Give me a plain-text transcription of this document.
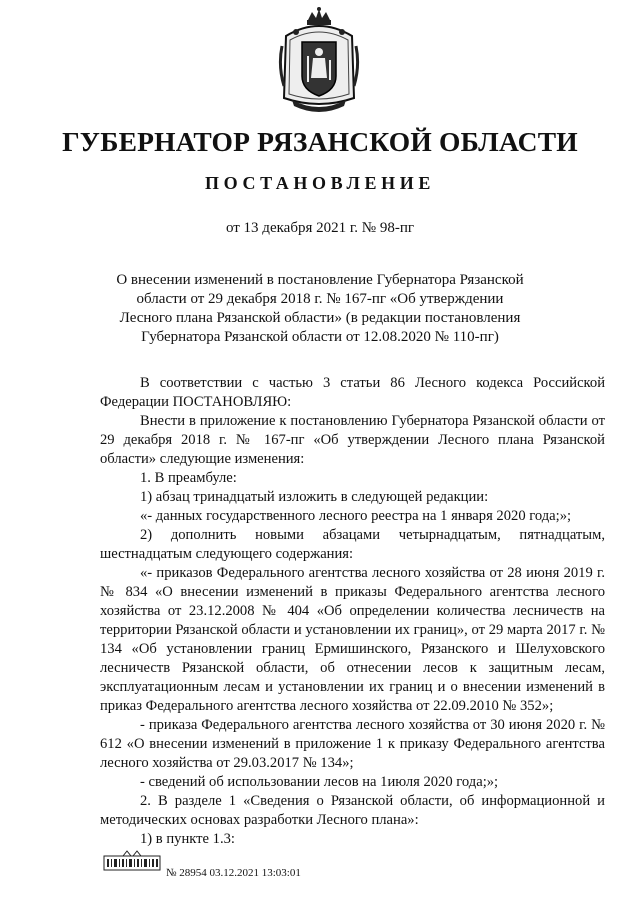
ГУБЕРНАТОР РЯЗАНСКОЙ ОБЛАСТИ
ПОСТАНОВЛЕНИЕ
от 13 декабря 2021 г. № 98-пг
О внесении изменений в постановление Губернатора Рязанской
области от 29 декабря 2018 г. № 167-пг «Об утверждении
Лесного плана Рязанской области» (в редакции постановления
Губернатора Рязанской области от 12.08.2020 № 110-пг)

В соответствии с частью 3 статьи 86 Лесного кодекса Российской Федерации ПОСТАНОВЛЯЮ:

Внести в приложение к постановлению Губернатора Рязанской области от 29 декабря 2018 г. № 167-пг «Об утверждении Лесного плана Рязанской области» следующие изменения:

1. В преамбуле:

1) абзац тринадцатый изложить в следующей редакции:

«- данных государственного лесного реестра на 1 января 2020 года;»;

2) дополнить новыми абзацами четырнадцатым, пятнадцатым, шестнадцатым следующего содержания:

«- приказов Федерального агентства лесного хозяйства от 28 июня 2019 г. № 834 «О внесении изменений в приказы Федерального агентства лесного хозяйства от 23.12.2008 № 404 «Об определении количества лесничеств на территории Рязанской области и установлении их границ», от 29 марта 2017 г. № 134 «Об установлении границ Ермишинского, Рязанского и Шелуховского лесничеств Рязанской области, об отнесении лесов к защитным лесам, эксплуатационным лесам и установлении их границ и о внесении изменений в приказ Федерального агентства лесного хозяйства от 22.09.2010 № 352»;

- приказа Федерального агентства лесного хозяйства от 30 июня 2020 г. № 612 «О внесении изменений в приложение 1 к приказу Федерального агентства лесного хозяйства от 29.03.2017 № 134»;

- сведений об использовании лесов на 1июля 2020 года;»;

2. В разделе 1 «Сведения о Рязанской области, об информационной и методических основах разработки Лесного плана»:

1) в пункте 1.3:

№ 28954 03.12.2021 13:03:01
